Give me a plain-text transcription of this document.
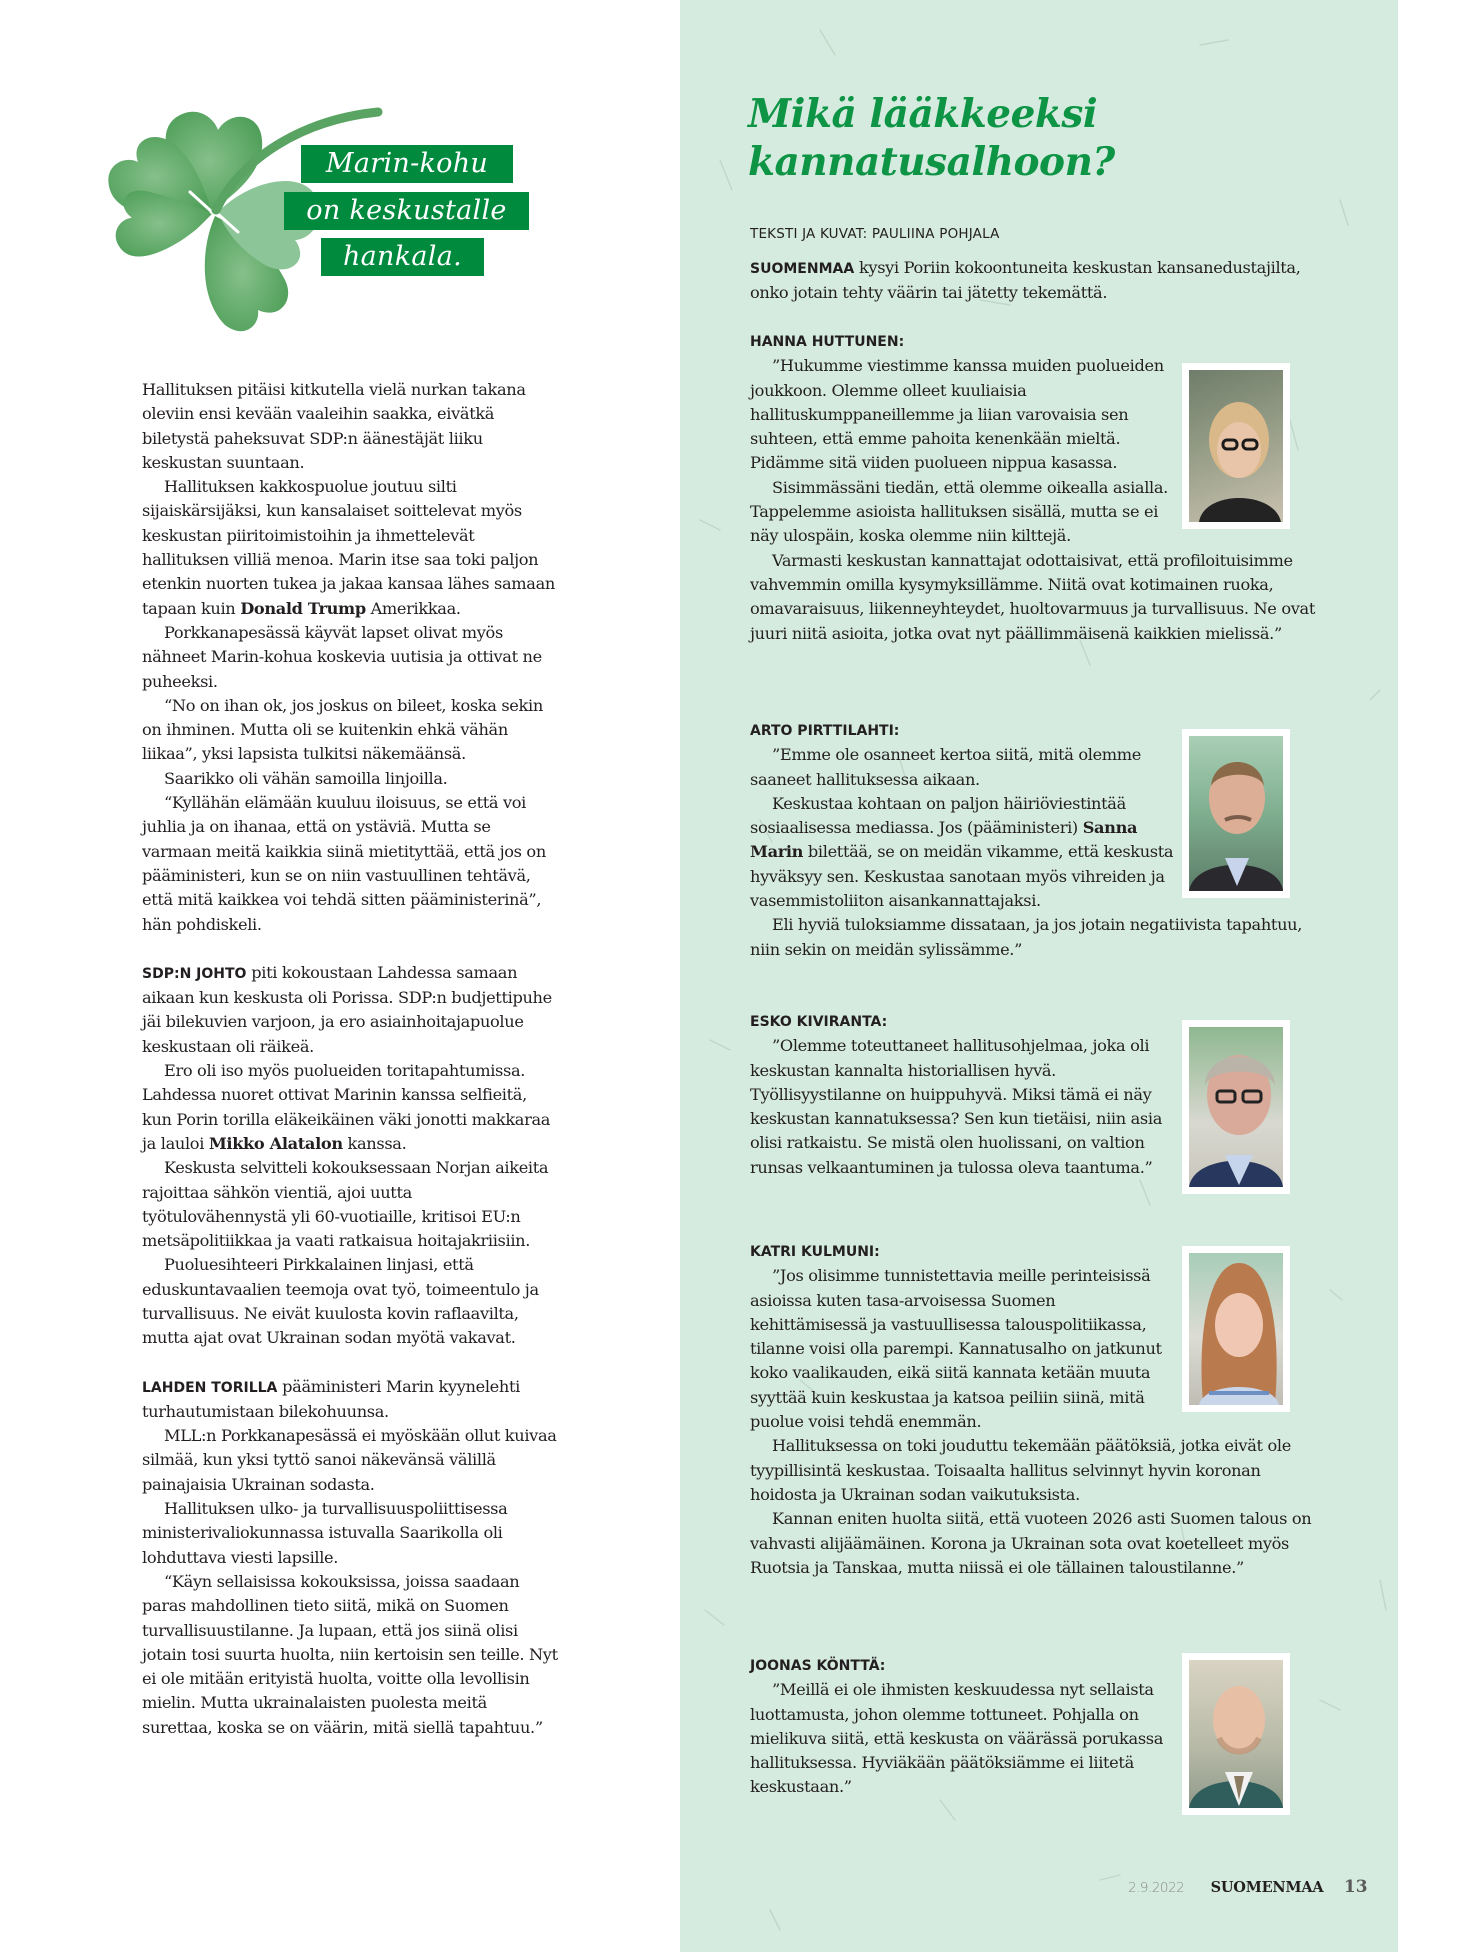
Marin-kohu
on keskustalle
hankala.

Hallituksen pitäisi kitkutella vielä nurkan takana oleviin ensi kevään vaaleihin saakka, eivätkä biletystä paheksuvat SDP:n äänestäjät liiku keskustan suuntaan.

Hallituksen kakkospuolue joutuu silti sijaiskärsijäksi, kun kansalaiset soittelevat myös keskustan piiritoimistoihin ja ihmettelevät hallituksen villiä menoa. Marin itse saa toki paljon etenkin nuorten tukea ja jakaa kansaa lähes samaan tapaan kuin Donald Trump Amerikkaa.

Porkkanapesässä käyvät lapset olivat myös nähneet Marin-kohua koskevia uutisia ja ottivat ne puheeksi.

“No on ihan ok, jos joskus on bileet, koska sekin on ihminen. Mutta oli se kuitenkin ehkä vähän liikaa”, yksi lapsista tulkitsi näkemäänsä.

Saarikko oli vähän samoilla linjoilla.

“Kyllähän elämään kuuluu iloisuus, se että voi juhlia ja on ihanaa, että on ystäviä. Mutta se varmaan meitä kaikkia siinä mietityttää, että jos on pääministeri, kun se on niin vastuullinen tehtävä, että mitä kaikkea voi tehdä sitten pääministerinä”, hän pohdiskeli.

SDP:N JOHTO piti kokoustaan Lahdessa samaan aikaan kun keskusta oli Porissa. SDP:n budjettipuhe jäi bilekuvien varjoon, ja ero asiainhoitajapuolue keskustaan oli räikeä.

Ero oli iso myös puolueiden toritapahtumissa. Lahdessa nuoret ottivat Marinin kanssa selfieitä, kun Porin torilla eläkeikäinen väki jonotti makkaraa ja lauloi Mikko Alatalon kanssa.

Keskusta selvitteli kokouksessaan Norjan aikeita rajoittaa sähkön vientiä, ajoi uutta työtulovähennystä yli 60-vuotiaille, kritisoi EU:n metsäpolitiikkaa ja vaati ratkaisua hoitajakriisiin.

Puoluesihteeri Pirkkalainen linjasi, että eduskuntavaalien teemoja ovat työ, toimeentulo ja turvallisuus. Ne eivät kuulosta kovin raflaavilta, mutta ajat ovat Ukrainan sodan myötä vakavat.

LAHDEN TORILLA pääministeri Marin kyynelehti turhautumistaan bilekohuunsa.

MLL:n Porkkanapesässä ei myöskään ollut kuivaa silmää, kun yksi tyttö sanoi näkevänsä välillä painajaisia Ukrainan sodasta.

Hallituksen ulko- ja turvallisuuspoliittisessa ministerivaliokunnassa istuvalla Saarikolla oli lohduttava viesti lapsille.

“Käyn sellaisissa kokouksissa, joissa saadaan paras mahdollinen tieto siitä, mikä on Suomen turvallisuustilanne. Ja lupaan, että jos siinä olisi jotain tosi suurta huolta, niin kertoisin sen teille. Nyt ei ole mitään erityistä huolta, voitte olla levollisin mielin. Mutta ukrainalaisten puolesta meitä surettaa, koska se on väärin, mitä siellä tapahtuu.”

Mikä lääkkeeksi
kannatusalhoon?
TEKSTI JA KUVAT: PAULIINA POHJALA
SUOMENMAA kysyi Poriin kokoontuneita keskustan kansanedustajilta, onko jotain tehty väärin tai jätetty tekemättä.
HANNA HUTTUNEN:

”Hukumme viestimme kanssa muiden puolueiden joukkoon. Olemme olleet kuuliaisia hallituskumppaneillemme ja liian varovaisia sen suhteen, että emme pahoita kenenkään mieltä. Pidämme sitä viiden puolueen nippua kasassa.

Sisimmässäni tiedän, että olemme oikealla asialla. Tappelemme asioista hallituksen sisällä, mutta se ei näy ulospäin, koska olemme niin kilttejä.

Varmasti keskustan kannattajat odottaisivat, että profiloituisimme vahvemmin omilla kysymyksillämme. Niitä ovat kotimainen ruoka, omavaraisuus, liikenneyhteydet, huoltovarmuus ja turvallisuus. Ne ovat juuri niitä asioita, jotka ovat nyt päällimmäisenä kaikkien mielissä.”

ARTO PIRTTILAHTI:

”Emme ole osanneet kertoa siitä, mitä olemme saaneet hallituksessa aikaan.

Keskustaa kohtaan on paljon häiriöviestintää sosiaalisessa mediassa. Jos (pääministeri) Sanna Marin bilettää, se on meidän vikamme, että keskusta hyväksyy sen. Keskustaa sanotaan myös vihreiden ja vasemmistoliiton aisankannattajaksi.

Eli hyviä tuloksiamme dissataan, ja jos jotain negatiivista tapahtuu, niin sekin on meidän sylissämme.”

ESKO KIVIRANTA:

”Olemme toteuttaneet hallitusohjelmaa, joka oli keskustan kannalta historiallisen hyvä. Työllisyystilanne on huippuhyvä. Miksi tämä ei näy keskustan kannatuksessa? Sen kun tietäisi, niin asia olisi ratkaistu. Se mistä olen huolissani, on valtion runsas velkaantuminen ja tulossa oleva taantuma.”

KATRI KULMUNI:

”Jos olisimme tunnistettavia meille perinteisissä asioissa kuten tasa-arvoisessa Suomen kehittämisessä ja vastuullisessa talouspolitiikassa, tilanne voisi olla parempi. Kannatusalho on jatkunut koko vaalikauden, eikä siitä kannata ketään muuta syyttää kuin keskustaa ja katsoa peiliin siinä, mitä puolue voisi tehdä enemmän.

Hallituksessa on toki jouduttu tekemään päätöksiä, jotka eivät ole tyypillisintä keskustaa. Toisaalta hallitus selvinnyt hyvin koronan hoidosta ja Ukrainan sodan vaikutuksista.

Kannan eniten huolta siitä, että vuoteen 2026 asti Suomen talous on vahvasti alijäämäinen. Korona ja Ukrainan sota ovat koetelleet myös Ruotsia ja Tanskaa, mutta niissä ei ole tällainen taloustilanne.”

JOONAS KÖNTTÄ:

”Meillä ei ole ihmisten keskuudessa nyt sellaista luottamusta, johon olemme tottuneet. Pohjalla on mielikuva siitä, että keskusta on väärässä porukassa hallituksessa. Hyviäkään päätöksiämme ei liitetä keskustaan.”

2.9.2022 SUOMENMAA 13
